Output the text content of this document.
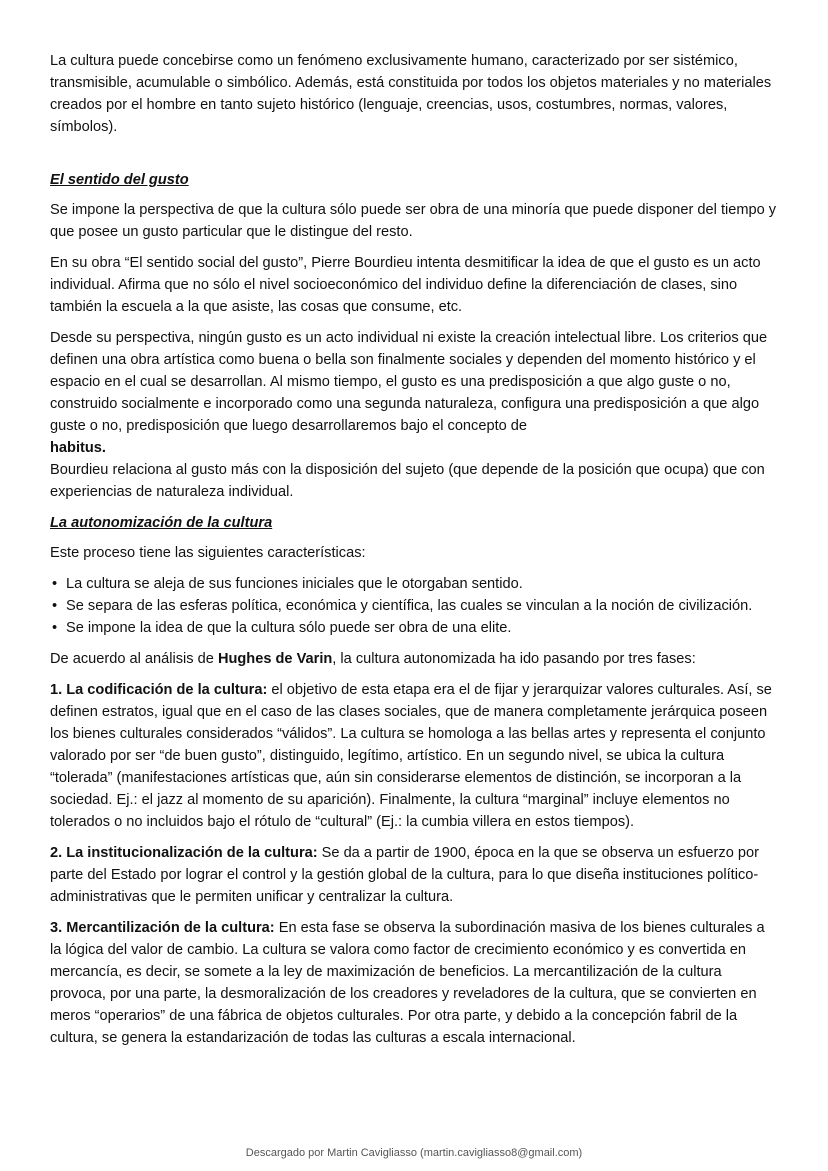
La cultura puede concebirse como un fenómeno exclusivamente humano, caracterizado por ser sistémico, transmisible, acumulable o simbólico. Además, está constituida por todos los objetos materiales y no materiales creados por el hombre en tanto sujeto histórico (lenguaje, creencias, usos, costumbres, normas, valores, símbolos).

El sentido del gusto

Se impone la perspectiva de que la cultura sólo puede ser obra de una minoría que puede disponer del tiempo y que posee un gusto particular que le distingue del resto.

En su obra “El sentido social del gusto”, Pierre Bourdieu intenta desmitificar la idea de que el gusto es un acto individual. Afirma que no sólo el nivel socioeconómico del individuo define la diferenciación de clases, sino también la escuela a la que asiste, las cosas que consume, etc.

Desde su perspectiva, ningún gusto es un acto individual ni existe la creación intelectual libre. Los criterios que definen una obra artística como buena o bella son finalmente sociales y dependen del momento histórico y el espacio en el cual se desarrollan. Al mismo tiempo, el gusto es una predisposición a que algo guste o no, construido socialmente e incorporado como una segunda naturaleza, configura una predisposición a que algo guste o no, predisposición que luego desarrollaremos bajo el concepto de
habitus.

Bourdieu relaciona al gusto más con la disposición del sujeto (que depende de la posición que ocupa) que con experiencias de naturaleza individual.

La autonomización de la cultura

Este proceso tiene las siguientes características:

• La cultura se aleja de sus funciones iniciales que le otorgaban sentido.
• Se separa de las esferas política, económica y científica, las cuales se vinculan a la noción de civilización.
• Se impone la idea de que la cultura sólo puede ser obra de una elite.

De acuerdo al análisis de Hughes de Varin, la cultura autonomizada ha ido pasando por tres fases:

1. La codificación de la cultura: el objetivo de esta etapa era el de fijar y jerarquizar valores culturales. Así, se definen estratos, igual que en el caso de las clases sociales, que de manera completamente jerárquica poseen los bienes culturales considerados “válidos”. La cultura se homologa a las bellas artes y representa el conjunto valorado por ser “de buen gusto”, distinguido, legítimo, artístico. En un segundo nivel, se ubica la cultura “tolerada” (manifestaciones artísticas que, aún sin considerarse elementos de distinción, se incorporan a la sociedad. Ej.: el jazz al momento de su aparición). Finalmente, la cultura “marginal” incluye elementos no tolerados o no incluidos bajo el rótulo de “cultural” (Ej.: la cumbia villera en estos tiempos).

2. La institucionalización de la cultura: Se da a partir de 1900, época en la que se observa un esfuerzo por parte del Estado por lograr el control y la gestión global de la cultura, para lo que diseña instituciones político-administrativas que le permiten unificar y centralizar la cultura.

3. Mercantilización de la cultura: En esta fase se observa la subordinación masiva de los bienes culturales a la lógica del valor de cambio. La cultura se valora como factor de crecimiento económico y es convertida en mercancía, es decir, se somete a la ley de maximización de beneficios. La mercantilización de la cultura provoca, por una parte, la desmoralización de los creadores y reveladores de la cultura, que se convierten en meros “operarios” de una fábrica de objetos culturales. Por otra parte, y debido a la concepción fabril de la cultura, se genera la estandarización de todas las culturas a escala internacional.

Descargado por Martin Cavigliasso (martin.cavigliasso8@gmail.com)
